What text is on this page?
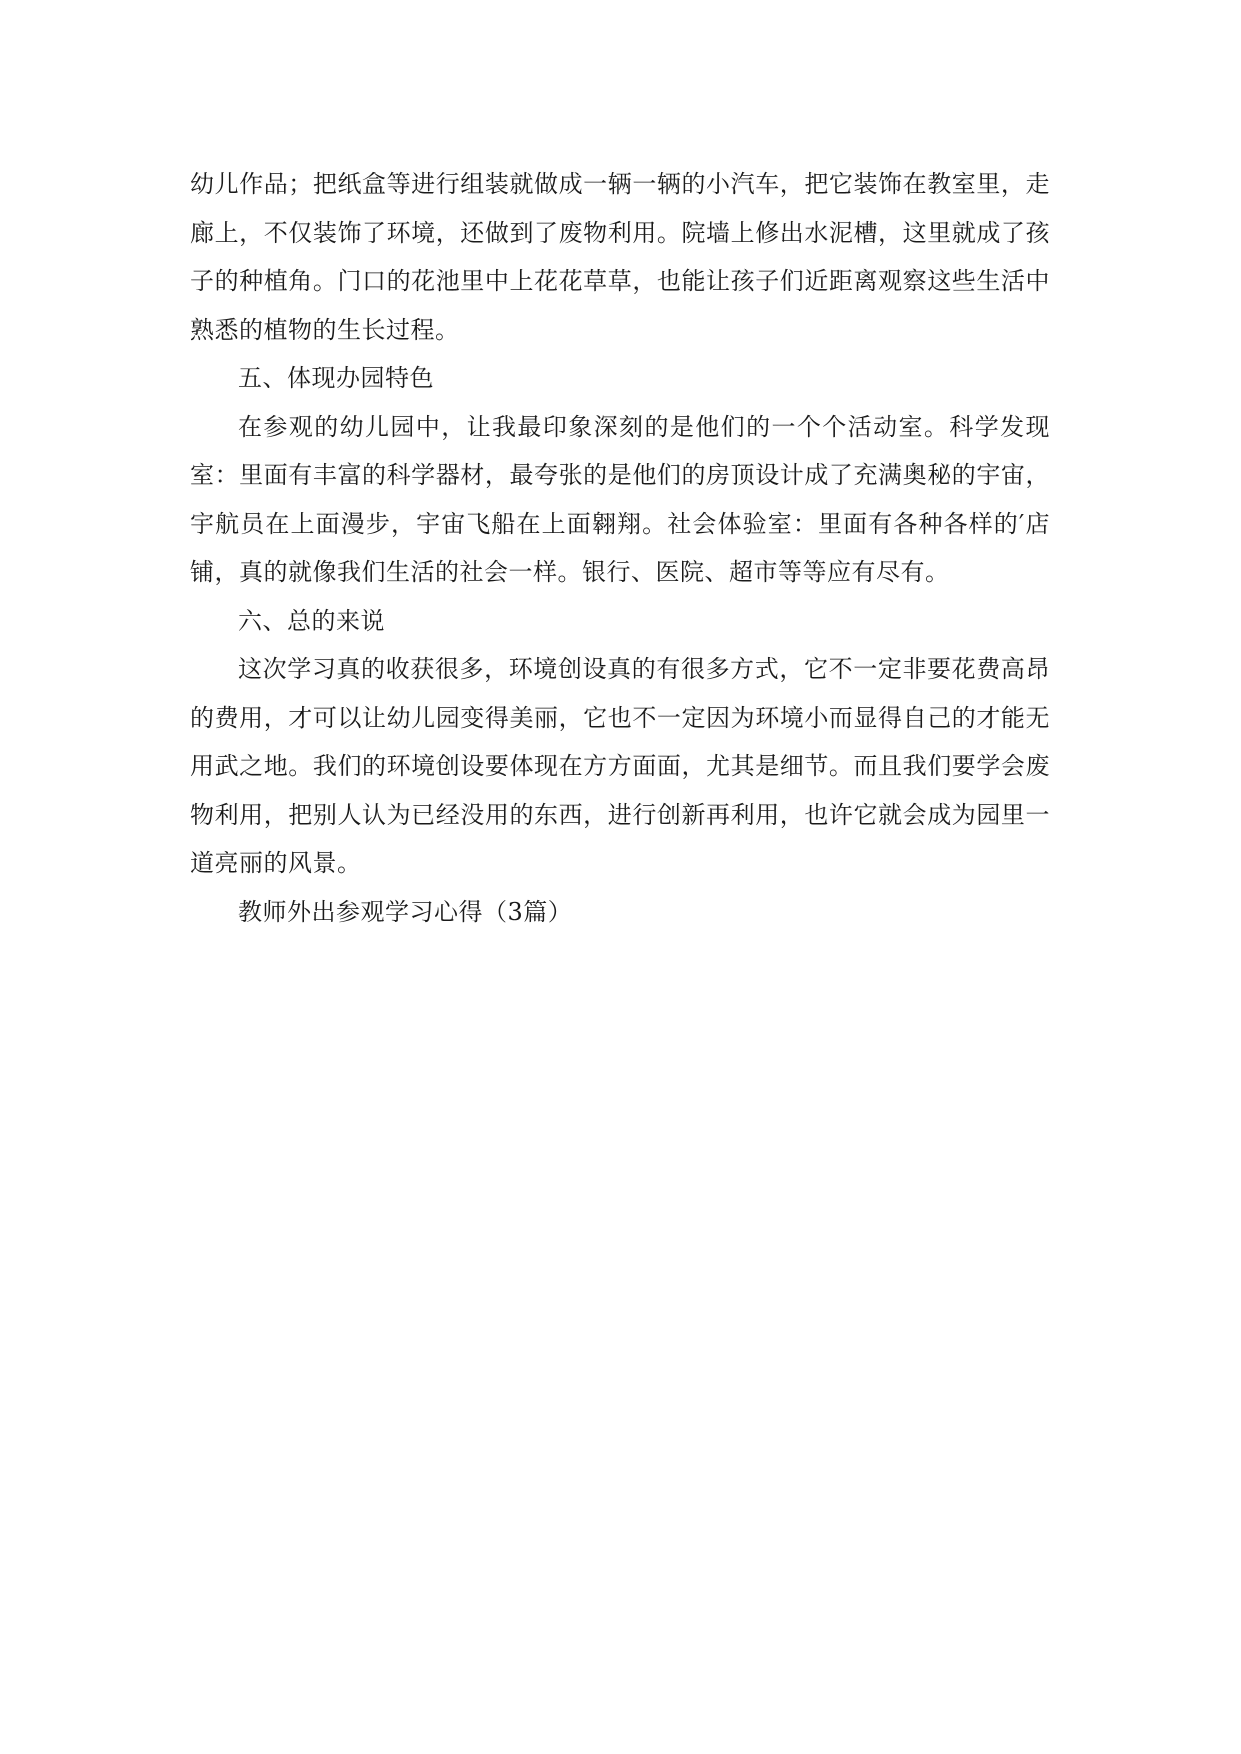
幼儿作品；把纸盒等进行组装就做成一辆一辆的小汽车，把它装饰在教室里，走廊上，不仅装饰了环境，还做到了废物利用。院墙上修出水泥槽，这里就成了孩子的种植角。门口的花池里中上花花草草，也能让孩子们近距离观察这些生活中熟悉的植物的生长过程。

五、体现办园特色

在参观的幼儿园中，让我最印象深刻的是他们的一个个活动室。科学发现室：里面有丰富的科学器材，最夸张的是他们的房顶设计成了充满奥秘的宇宙，宇航员在上面漫步，宇宙飞船在上面翱翔。社会体验室：里面有各种各样的′店铺，真的就像我们生活的社会一样。银行、医院、超市等等应有尽有。

六、总的来说

这次学习真的收获很多，环境创设真的有很多方式，它不一定非要花费高昂的费用，才可以让幼儿园变得美丽，它也不一定因为环境小而显得自己的才能无用武之地。我们的环境创设要体现在方方面面，尤其是细节。而且我们要学会废物利用，把别人认为已经没用的东西，进行创新再利用，也许它就会成为园里一道亮丽的风景。

教师外出参观学习心得（3篇）
